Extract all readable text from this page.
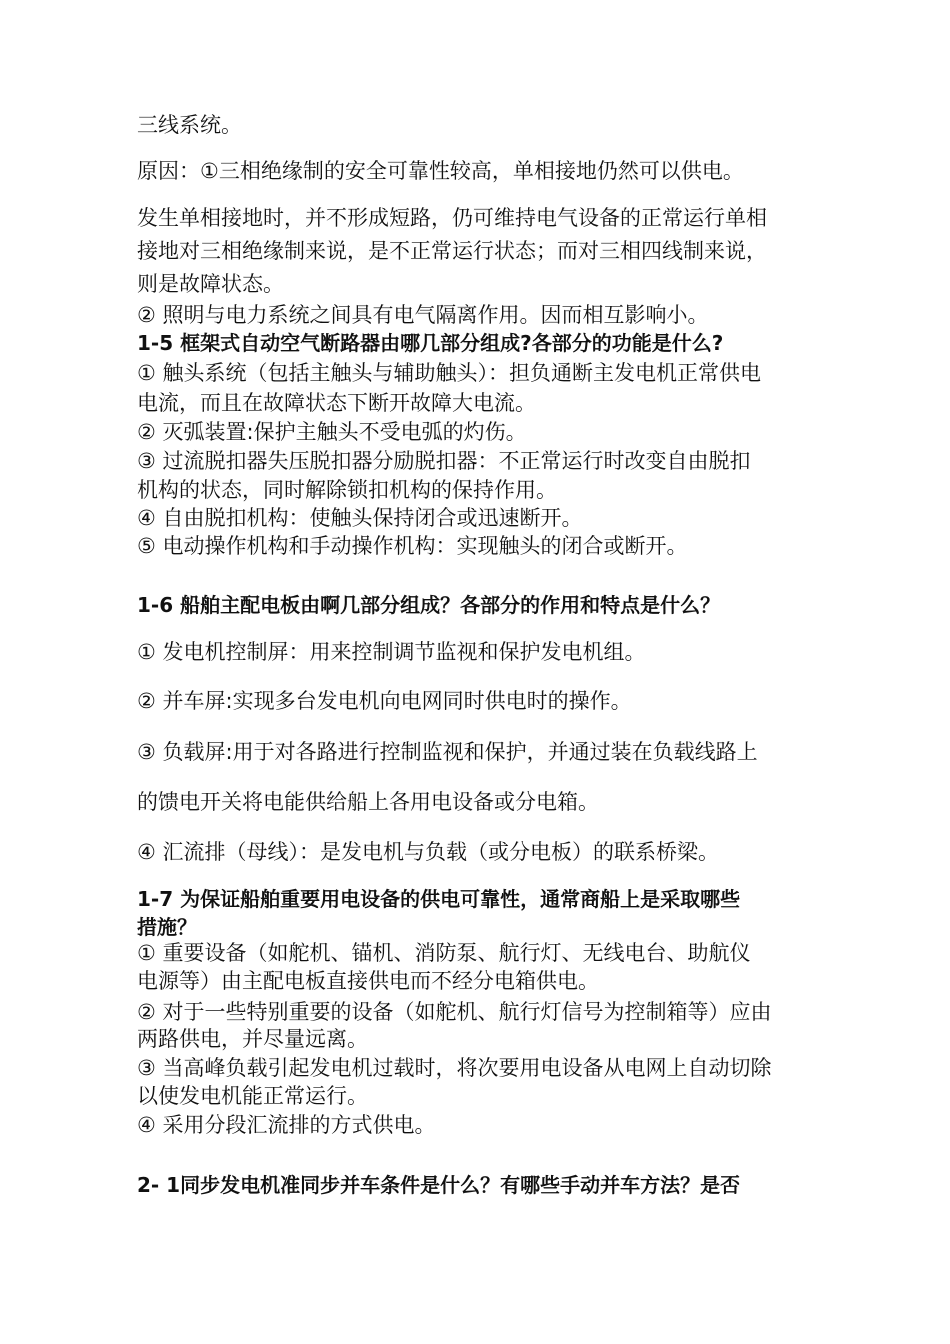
三线系统。
原因：①三相绝缘制的安全可靠性较高，单相接地仍然可以供电。
发生单相接地时，并不形成短路，仍可维持电气设备的正常运行单相
接地对三相绝缘制来说，是不正常运行状态；而对三相四线制来说，
则是故障状态。
② 照明与电力系统之间具有电气隔离作用。因而相互影响小。
1-5 框架式自动空气断路器由哪几部分组成?各部分的功能是什么?
① 触头系统（包括主触头与辅助触头）：担负通断主发电机正常供电
电流，而且在故障状态下断开故障大电流。
② 灭弧装置:保护主触头不受电弧的灼伤。
③ 过流脱扣器失压脱扣器分励脱扣器：不正常运行时改变自由脱扣
机构的状态，同时解除锁扣机构的保持作用。
④ 自由脱扣机构：使触头保持闭合或迅速断开。
⑤ 电动操作机构和手动操作机构：实现触头的闭合或断开。
1-6 船舶主配电板由啊几部分组成？各部分的作用和特点是什么？
① 发电机控制屏：用来控制调节监视和保护发电机组。
② 并车屏:实现多台发电机向电网同时供电时的操作。
③ 负载屏:用于对各路进行控制监视和保护，并通过装在负载线路上
的馈电开关将电能供给船上各用电设备或分电箱。
④ 汇流排（母线）：是发电机与负载（或分电板）的联系桥梁。
1-7 为保证船舶重要用电设备的供电可靠性，通常商船上是采取哪些
措施？
① 重要设备（如舵机、锚机、消防泵、航行灯、无线电台、助航仪
电源等）由主配电板直接供电而不经分电箱供电。
② 对于一些特别重要的设备（如舵机、航行灯信号为控制箱等）应由
两路供电，并尽量远离。
③ 当高峰负载引起发电机过载时，将次要用电设备从电网上自动切除
以使发电机能正常运行。
④ 采用分段汇流排的方式供电。
2- 1同步发电机准同步并车条件是什么？有哪些手动并车方法？是否
